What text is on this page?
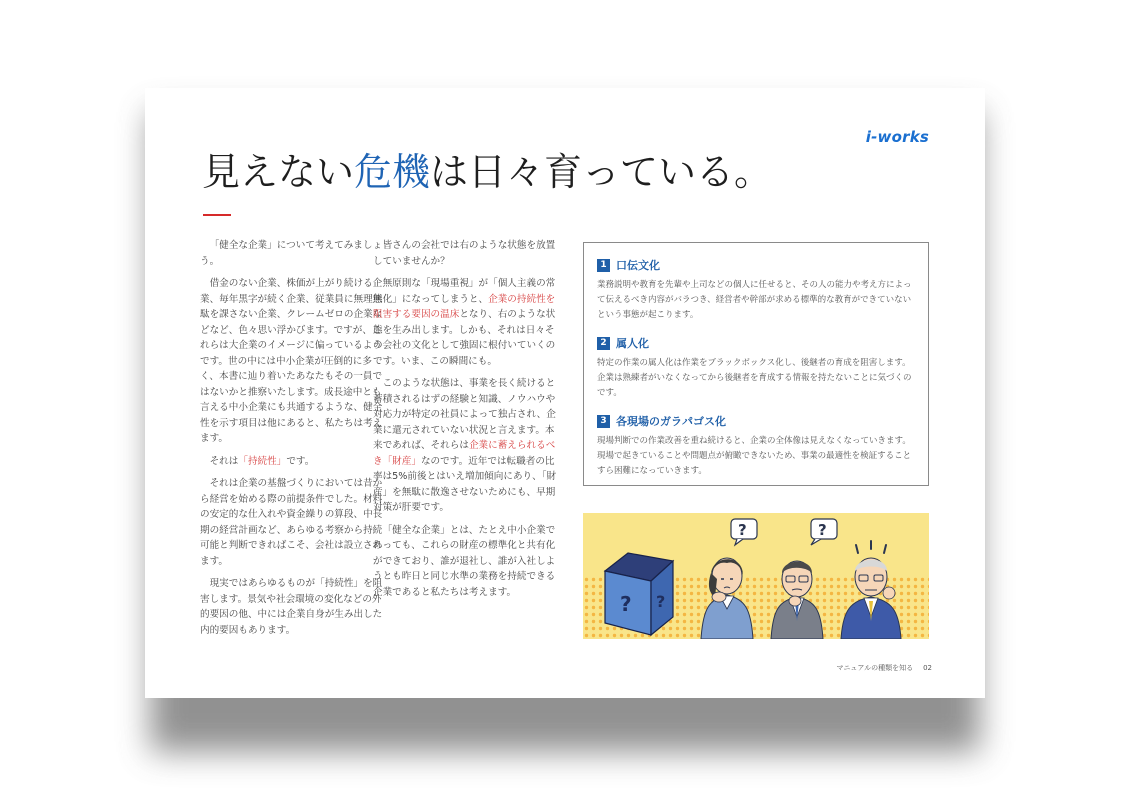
i-works
見えない危機は日々育っている。

「健全な企業」について考えてみましょう。

借金のない企業、株価が上がり続ける企業、毎年黒字が続く企業、従業員に無理無駄を課さない企業、クレームゼロの企業などなど、色々思い浮かびます。ですが、これらは大企業のイメージに偏っているようです。世の中には中小企業が圧倒的に多く、本書に辿り着いたあなたもその一員ではないかと推察いたします。成長途中とも言える中小企業にも共通するような、健全性を示す項目は他にあると、私たちは考えます。

それは「持続性」です。

それは企業の基盤づくりにおいては昔から経営を始める際の前提条件でした。材料の安定的な仕入れや資金繰りの算段、中長期の経営計画など、あらゆる考察から持続可能と判断できればこそ、会社は設立されます。

現実ではあらゆるものが「持続性」を阻害します。景気や社会環境の変化などの外的要因の他、中には企業自身が生み出した内的要因もあります。

皆さんの会社では右のような状態を放置していませんか？

無原則な「現場重視」が「個人主義の常態化」になってしまうと、企業の持続性を阻害する要因の温床となり、右のような状態を生み出します。しかも、それは日々その会社の文化として強固に根付いていくのです。いま、この瞬間にも。

このような状態は、事業を長く続けると蓄積されるはずの経験と知識、ノウハウや対応力が特定の社員によって独占され、企業に還元されていない状況と言えます。本来であれば、それらは企業に蓄えられるべき「財産」なのです。近年では転職者の比率は5%前後とはいえ増加傾向にあり、「財産」を無駄に散逸させないためにも、早期対策が肝要です。

「健全な企業」とは、たとえ中小企業であっても、これらの財産の標準化と共有化ができており、誰が退社し、誰が入社しようとも昨日と同じ水準の業務を持続できる企業であると私たちは考えます。

1 口伝文化
業務説明や教育を先輩や上司などの個人に任せると、その人の能力や考え方によって伝えるべき内容がバラつき、経営者や幹部が求める標準的な教育ができていないという事態が起こります。
2 属人化
特定の作業の属人化は作業をブラックボックス化し、後継者の育成を阻害します。企業は熟練者がいなくなってから後継者を育成する情報を持たないことに気づくのです。
3 各現場のガラパゴス化
現場判断での作業改善を重ね続けると、企業の全体像は見えなくなっていきます。現場で起きていることや問題点が俯瞰できないため、事業の最適性を検証することすら困難になっていきます。
? ?
?	?
マニュアルの種類を知る 02
